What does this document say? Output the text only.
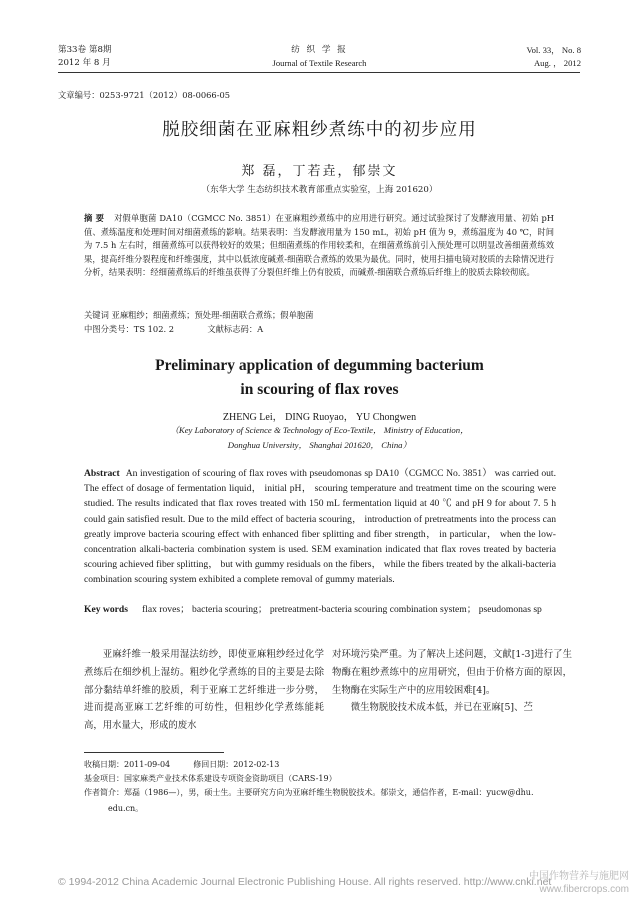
第33卷 第8期
2012 年 8 月
纺 织 学 报
Journal of Textile Research
Vol. 33， No. 8
Aug. ， 2012
文章编号：0253-9721（2012）08-0066-05
脱胶细菌在亚麻粗纱煮练中的初步应用
郑 磊，丁若垚，郁崇文
（东华大学 生态纺织技术教育部重点实验室，上海 201620）
摘 要 对假单胞菌 DA10（CGMCC No. 3851）在亚麻粗纱煮练中的应用进行研究。通过试验探讨了发酵液用量、初始 pH 值、煮练温度和处理时间对细菌煮练的影响。结果表明：当发酵液用量为 150 mL，初始 pH 值为 9，煮练温度为 40 ℃，时间为 7.5 h 左右时，细菌煮练可以获得较好的效果；但细菌煮练的作用较柔和，在细菌煮练前引入预处理可以明显改善细菌煮练效果，提高纤维分裂程度和纤维强度，其中以低浓度碱煮-细菌联合煮练的效果为最优。同时，使用扫描电镜对胶质的去除情况进行分析，结果表明：经细菌煮练后的纤维虽获得了分裂但纤维上仍有胶质，而碱煮-细菌联合煮练后纤维上的胶质去除较彻底。
关键词 亚麻粗纱；细菌煮练；预处理-细菌联合煮练；假单胞菌
中图分类号：TS 102. 2	文献标志码：A
Preliminary application of degumming bacterium
in scouring of flax roves
ZHENG Lei， DING Ruoyao， YU Chongwen
（Key Laboratory of Science & Technology of Eco-Textile， Ministry of Education，
Donghua University， Shanghai 201620， China）
Abstract An investigation of scouring of flax roves with pseudomonas sp DA10（CGMCC No. 3851） was carried out. The effect of dosage of fermentation liquid， initial pH， scouring temperature and treatment time on the scouring were studied. The results indicated that flax roves treated with 150 mL fermentation liquid at 40 ℃ and pH 9 for about 7. 5 h could gain satisfied result. Due to the mild effect of bacteria scouring， introduction of pretreatments into the process can greatly improve bacteria scouring effect with enhanced fiber splitting and fiber strength， in particular， when the low-concentration alkali-bacteria combination system is used. SEM examination indicated that flax roves treated by bacteria scouring achieved fiber splitting， but with gummy residuals on the fibers， while the fibers treated by the alkali-bacteria combination scouring system exhibited a complete removal of gummy materials.
Key words flax roves； bacteria scouring； pretreatment-bacteria scouring combination system； pseudomonas sp
亚麻纤维一般采用湿法纺纱，即使亚麻粗纱经过化学煮练后在细纱机上湿纺。粗纱化学煮练的目的主要是去除部分黏结单纤维的胶质，利于亚麻工艺纤维进一步分劈，进而提高亚麻工艺纤维的可纺性，但粗纱化学煮练能耗高，用水量大，形成的废水

对环境污染严重。为了解决上述问题，文献[1-3]进行了生物酶在粗纱煮练中的应用研究，但由于价格方面的原因，生物酶在实际生产中的应用较困难[4]。

微生物脱胶技术成本低，并已在亚麻[5]、苎

收稿日期：2011-09-04	修回日期：2012-02-13
基金项目：国家麻类产业技术体系建设专项资金资助项目（CARS-19）
作者简介：郑磊（1986—），男，硕士生。主要研究方向为亚麻纤维生物脱胶技术。郁崇文，通信作者，E-mail：yucw@dhu.
edu.cn。
© 1994-2012 China Academic Journal Electronic Publishing House. All rights reserved. http://www.cnki.net
中国作物营养与施肥网
www.fibercrops.com
